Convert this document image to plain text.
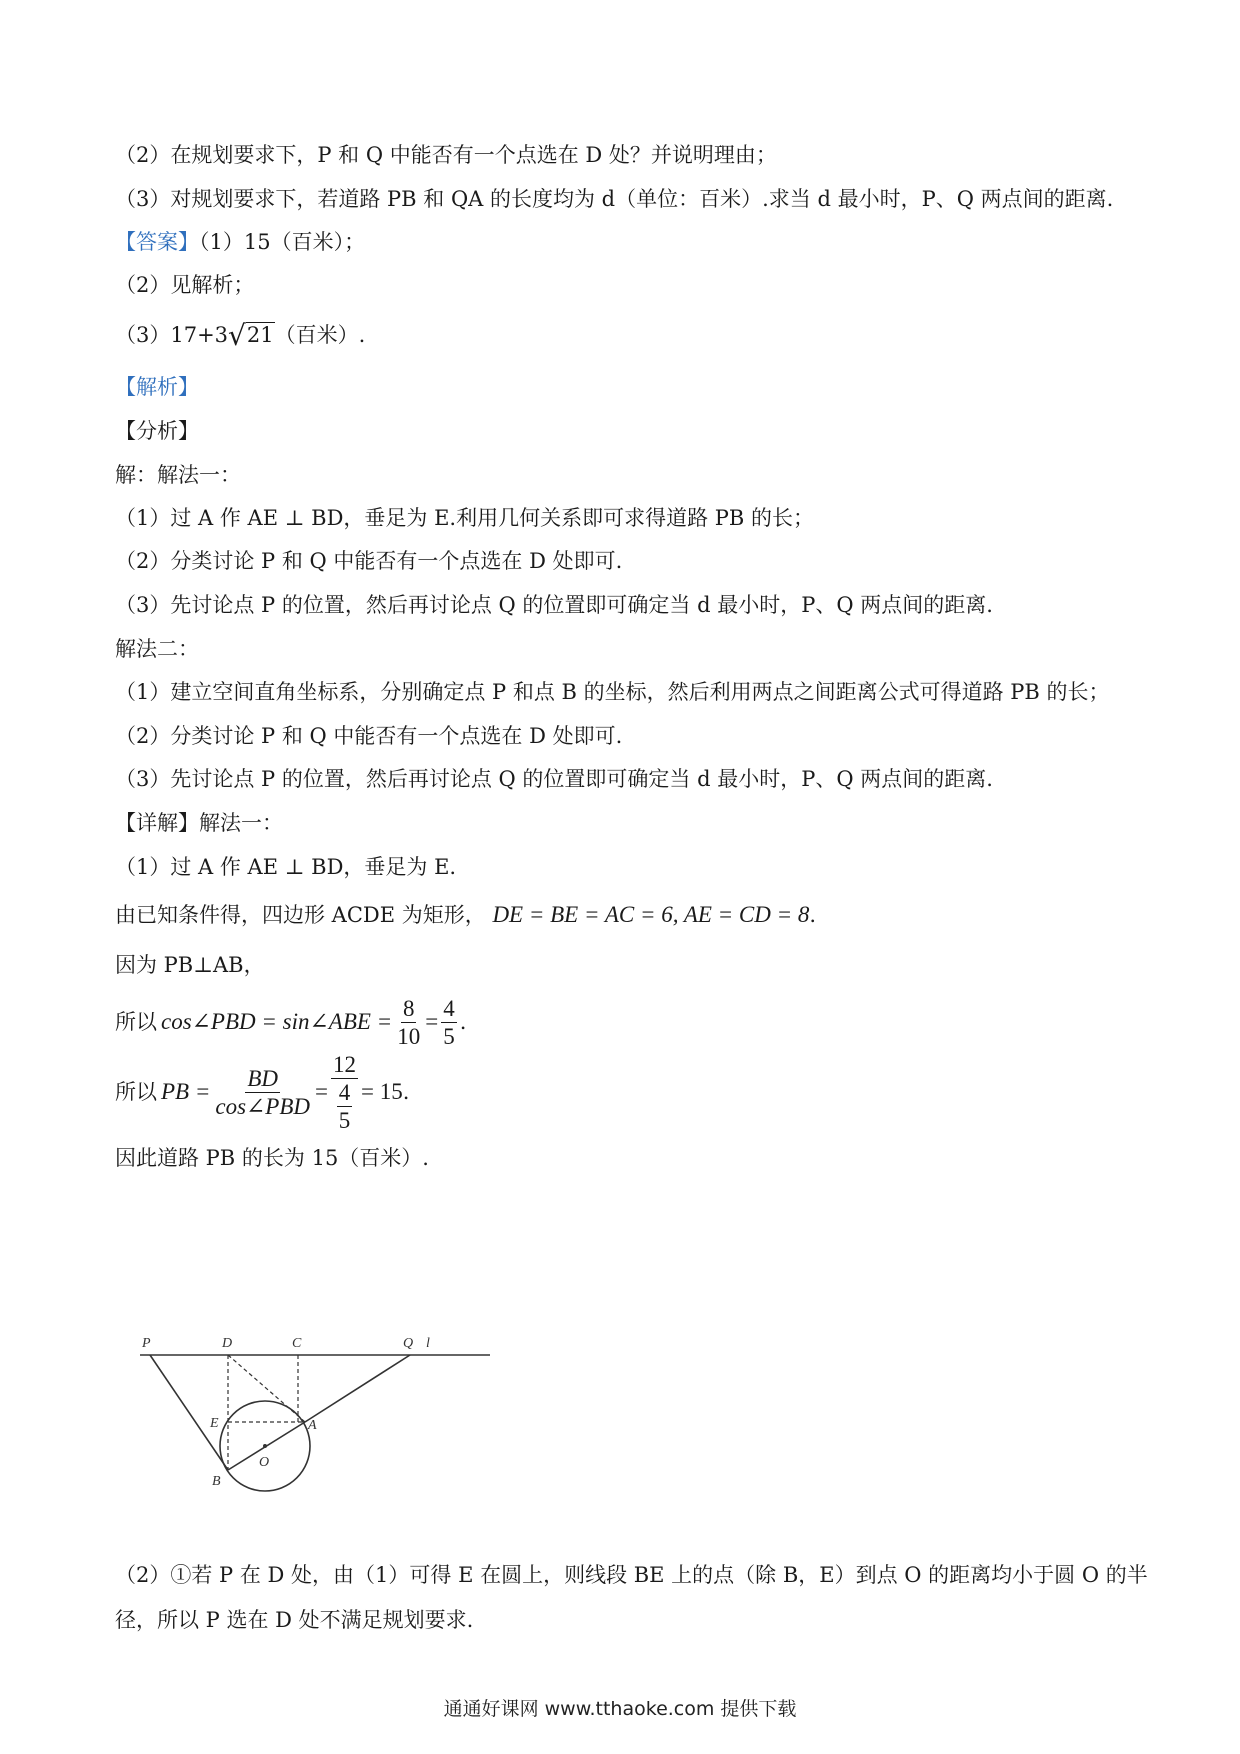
（2）在规划要求下，P 和 Q 中能否有一个点选在 D 处？并说明理由；
（3）对规划要求下，若道路 PB 和 QA 的长度均为 d（单位：百米）.求当 d 最小时，P、Q 两点间的距离.
【答案】（1）15（百米）；
（2）见解析；
（3）17+3√21（百米）.
【解析】
【分析】
解：解法一：
（1）过 A 作 AE ⊥ BD，垂足为 E.利用几何关系即可求得道路 PB 的长；
（2）分类讨论 P 和 Q 中能否有一个点选在 D 处即可.
（3）先讨论点 P 的位置，然后再讨论点 Q 的位置即可确定当 d 最小时，P、Q 两点间的距离.
解法二：
（1）建立空间直角坐标系，分别确定点 P 和点 B 的坐标，然后利用两点之间距离公式可得道路 PB 的长；
（2）分类讨论 P 和 Q 中能否有一个点选在 D 处即可.
（3）先讨论点 P 的位置，然后再讨论点 Q 的位置即可确定当 d 最小时，P、Q 两点间的距离.
【详解】解法一：
（1）过 A 作 AE ⊥ BD，垂足为 E.
由已知条件得，四边形 ACDE 为矩形， DE = BE = AC = 6, AE = CD = 8.
因为 PB⊥AB，
所以 cos∠PBD = sin∠ABE = $\frac{8}{10} = \frac{4}{5}$ .
所以 PB = $\frac{BD}{\text{cos∠PBD}} = \frac{12}{\frac{4}{5}} = 15$ .
因此道路 PB 的长为 15（百米）.
P	D	C	Q l
E	A
O
B
（2）①若 P 在 D 处，由（1）可得 E 在圆上，则线段 BE 上的点（除 B，E）到点 O 的距离均小于圆 O 的半
径，所以 P 选在 D 处不满足规划要求.
通通好课网 www.tthaoke.com 提供下载
